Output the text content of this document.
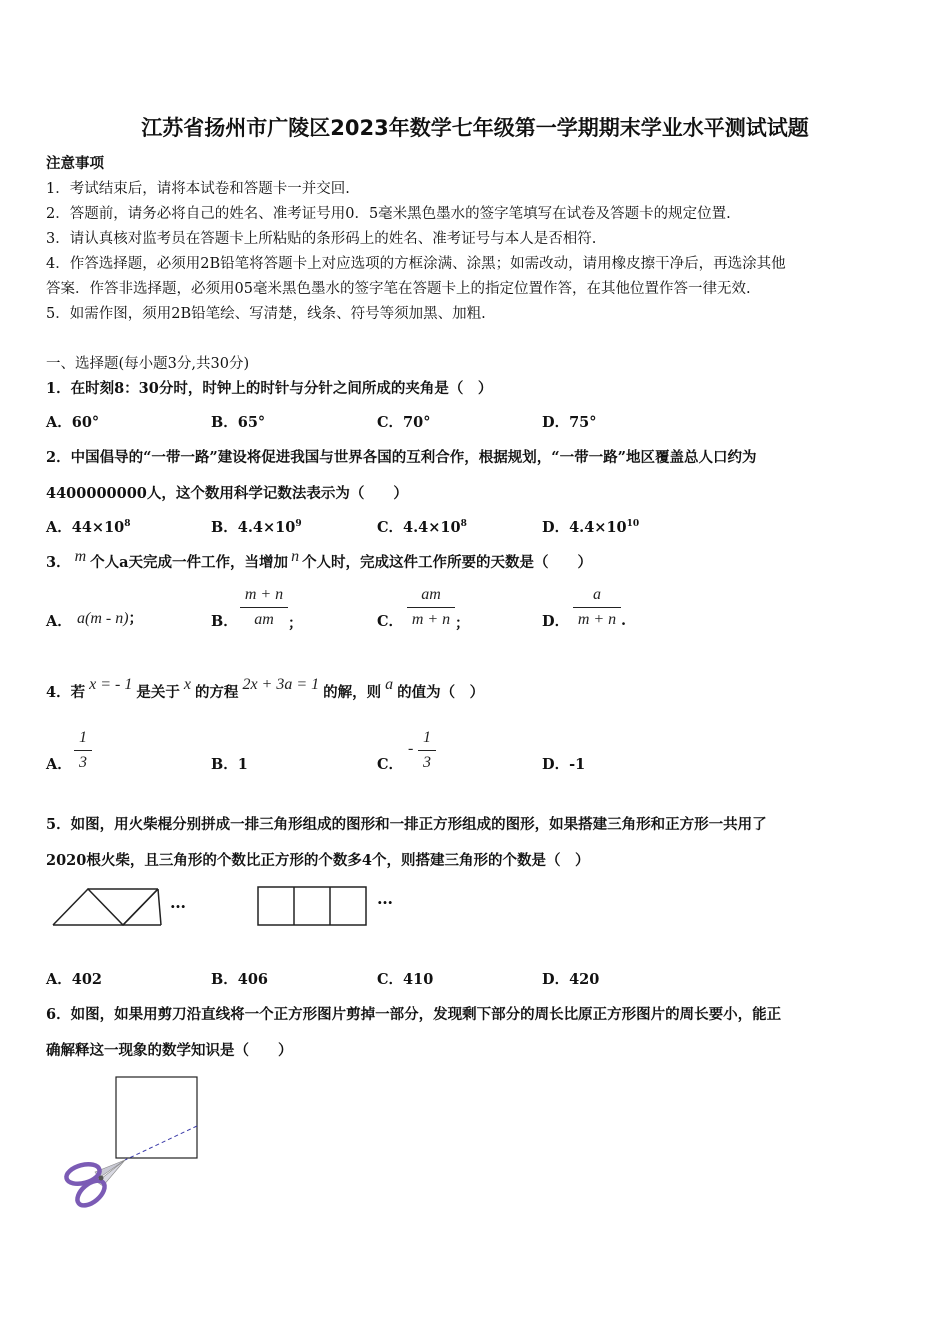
江苏省扬州市广陵区2023年数学七年级第一学期期末学业水平测试试题
注意事项
1．考试结束后，请将本试卷和答题卡一并交回.
2．答题前，请务必将自己的姓名、准考证号用0．5毫米黑色墨水的签字笔填写在试卷及答题卡的规定位置.
3．请认真核对监考员在答题卡上所粘贴的条形码上的姓名、准考证号与本人是否相符.
4．作答选择题，必须用2B铅笔将答题卡上对应选项的方框涂满、涂黑；如需改动，请用橡皮擦干净后，再选涂其他
答案．作答非选择题，必须用05毫米黑色墨水的签字笔在答题卡上的指定位置作答，在其他位置作答一律无效.
5．如需作图，须用2B铅笔绘、写清楚，线条、符号等须加黑、加粗.
一、选择题(每小题3分,共30分)
1．在时刻8：30分时，时钟上的时针与分针之间所成的夹角是（　）
A．60°	B．65°	C．70°	D．75°
2．中国倡导的“一带一路”建设将促进我国与世界各国的互利合作，根据规划，“一带一路”地区覆盖总人口约为
4400000000人，这个数用科学记数法表示为（　　）
A．$44\times 10^8$	B．$4.4\times 10^9$	C．$4.4\times 10^8$	D．$4.4\times 10^{10}$
3． m 个人a天完成一件工作，当增加 n 个人时，完成这件工作所要的天数是（　　）
A． a(m - n)；	B．
m + n
am ；	C．
am
m + n ；	D．
a
m + n .
4．若 x = - 1 是关于 x 的方程 2x + 3a = 1 的解，则 a 的值为（　）
A．
1
3	B．1	C．
-
1
3	D．-1
5．如图，用火柴棍分别拼成一排三角形组成的图形和一排正方形组成的图形，如果搭建三角形和正方形一共用了
2020根火柴，且三角形的个数比正方形的个数多4个，则搭建三角形的个数是（　）
…	…
A．402	B．406	C．410	D．420
6．如图，如果用剪刀沿直线将一个正方形图片剪掉一部分，发现剩下部分的周长比原正方形图片的周长要小，能正
确解释这一现象的数学知识是（　　）
